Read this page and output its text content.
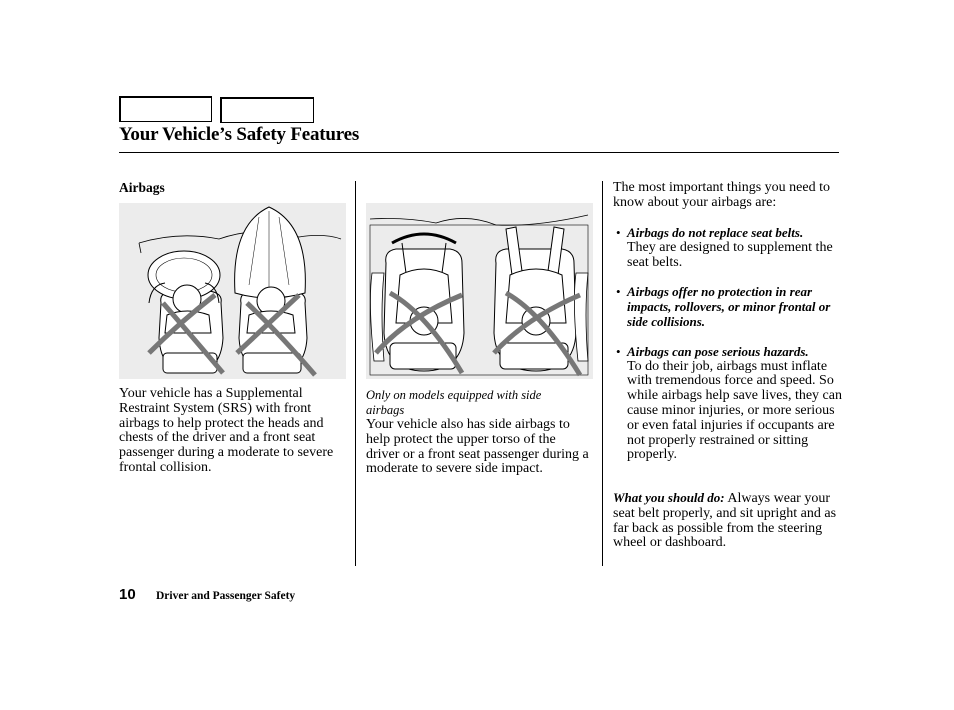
Your Vehicle’s Safety Features
Airbags

Your vehicle has a Supplemental Restraint System (SRS) with front airbags to help protect the heads and chests of the driver and a front seat passenger during a moderate to severe frontal collision.

Only on models equipped with side airbags

Your vehicle also has side airbags to help protect the upper torso of the driver or a front seat passenger during a moderate to severe side impact.

The most important things you need to know about your airbags are:

• Airbags do not replace seat belts.
They are designed to supplement the seat belts.
• Airbags offer no protection in rear impacts, rollovers, or minor frontal or side collisions.
• Airbags can pose serious hazards.
To do their job, airbags must inflate with tremendous force and speed. So while airbags help save lives, they can cause minor injuries, or more serious or even fatal injuries if occupants are not properly restrained or sitting properly.

What you should do: Always wear your seat belt properly, and sit upright and as far back as possible from the steering wheel or dashboard.

10 Driver and Passenger Safety
